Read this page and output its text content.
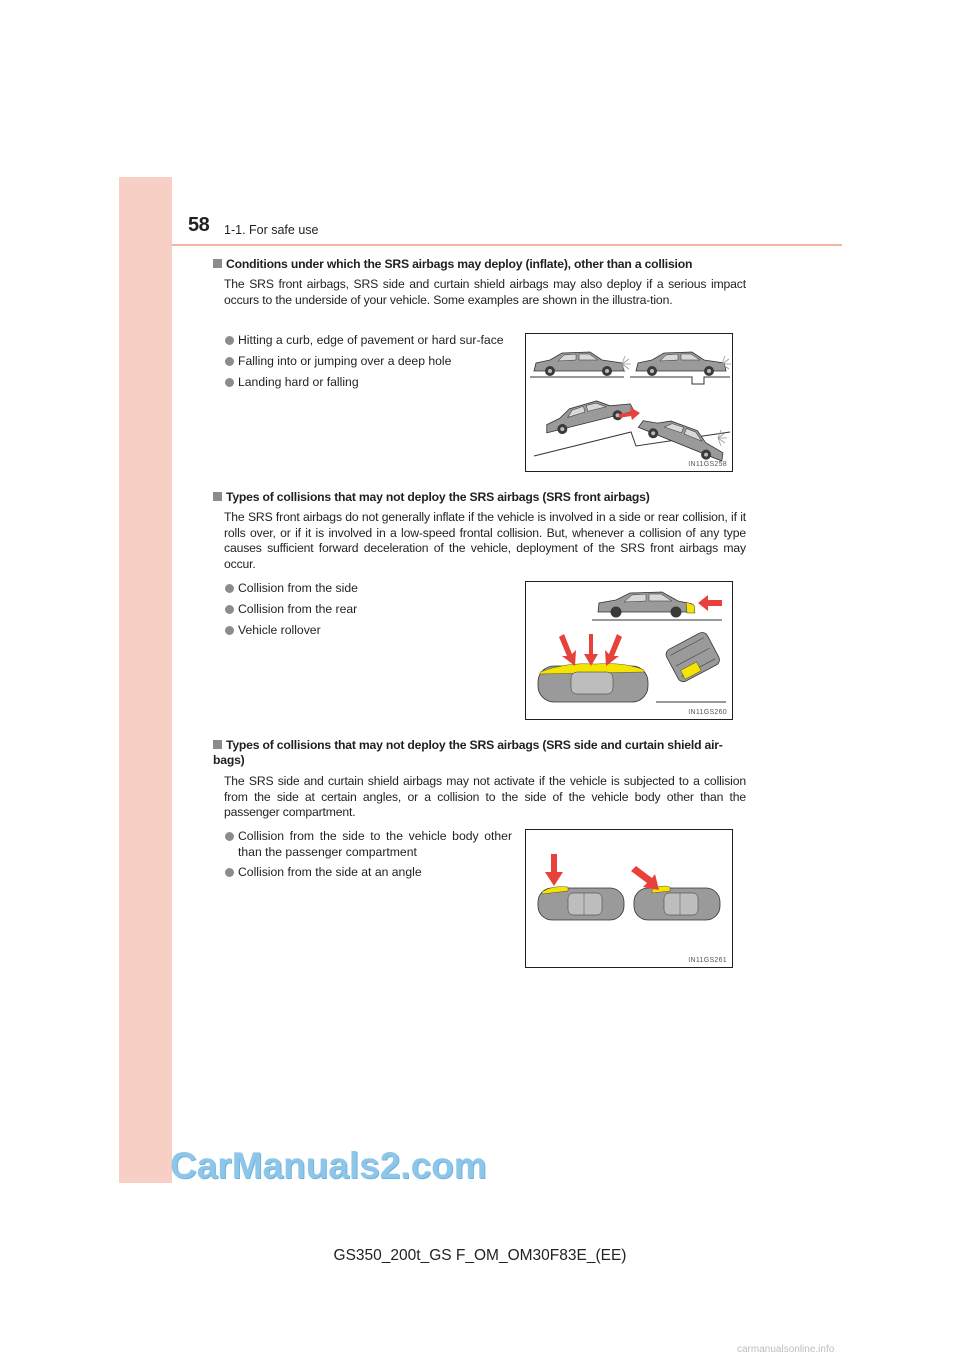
58 1-1. For safe use
Conditions under which the SRS airbags may deploy (inflate), other than a collision
The SRS front airbags, SRS side and curtain shield airbags may also deploy if a serious impact occurs to the underside of your vehicle. Some examples are shown in the illustra-tion.
Hitting a curb, edge of pavement or hard sur-face
Falling into or jumping over a deep hole
Landing hard or falling
IN11GS258
Types of collisions that may not deploy the SRS airbags (SRS front airbags)
The SRS front airbags do not generally inflate if the vehicle is involved in a side or rear collision, if it rolls over, or if it is involved in a low-speed frontal collision. But, whenever a collision of any type causes sufficient forward deceleration of the vehicle, deployment of the SRS front airbags may occur.
Collision from the side
Collision from the rear
Vehicle rollover
IN11GS260
Types of collisions that may not deploy the SRS airbags (SRS side and curtain shield air-bags)
The SRS side and curtain shield airbags may not activate if the vehicle is subjected to a collision from the side at certain angles, or a collision to the side of the vehicle body other than the passenger compartment.
Collision from the side to the vehicle body other than the passenger compartment
Collision from the side at an angle
IN11GS261
CarManuals2.com
GS350_200t_GS F_OM_OM30F83E_(EE)
carmanualsonline.info
